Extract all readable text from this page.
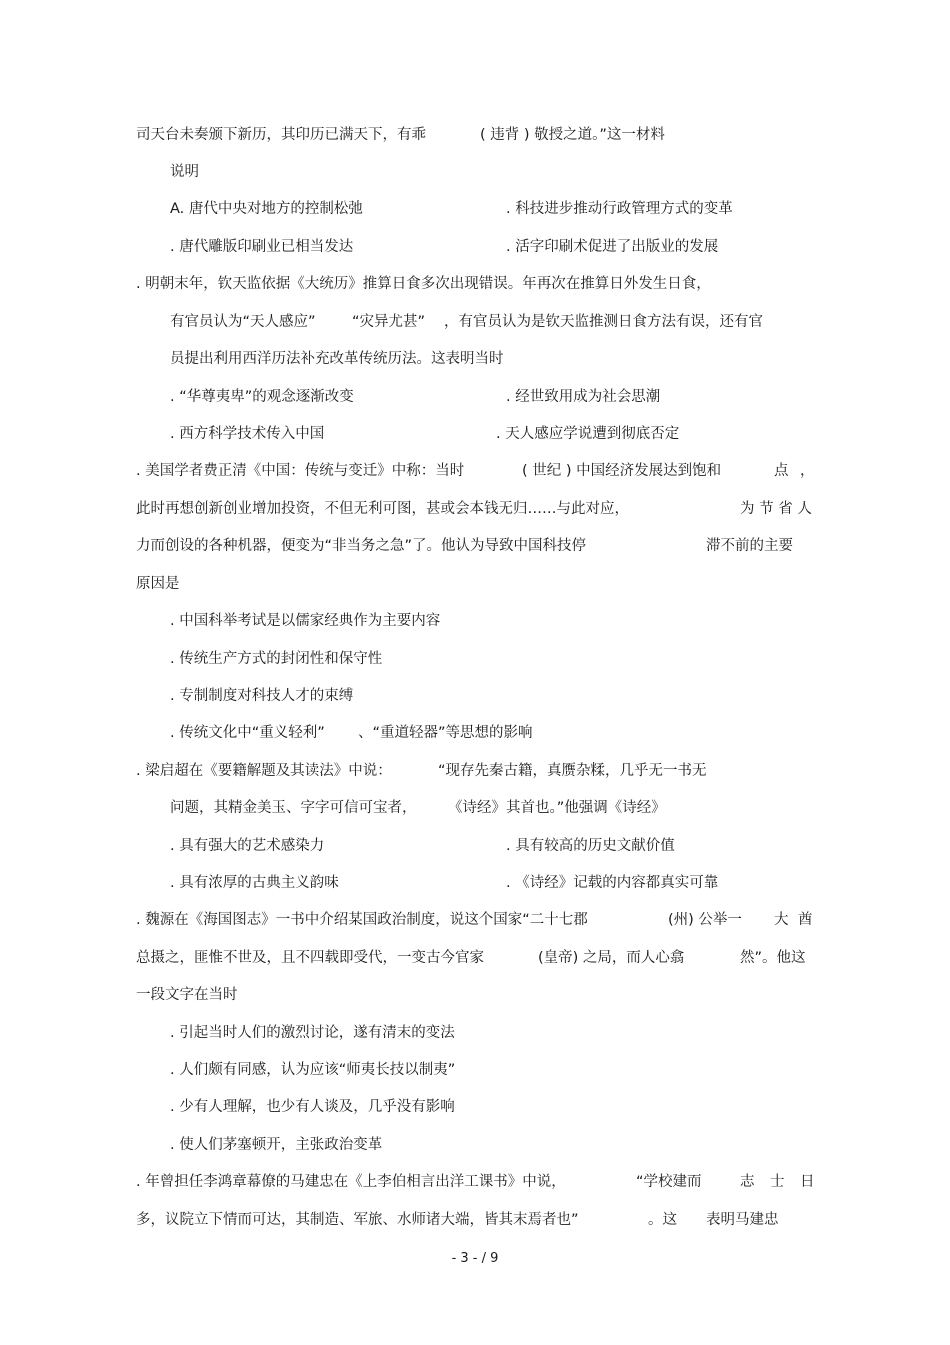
司天台未奏颁下新历，其印历已满天下，有乖	( 违背 ) 敬授之道。”这一材料
说明
A. 唐代中央对地方的控制松弛	. 科技进步推动行政管理方式的变革
. 唐代雕版印刷业已相当发达	. 活字印刷术促进了出版业的发展
. 明朝末年，钦天监依据《大统历》推算日食多次出现错误。年再次在推算日外发生日食，
有官员认为“天人感应”	“灾异尤甚” ，有官员认为是钦天监推测日食方法有误，还有官
员提出利用西洋历法补充改革传统历法。这表明当时
. “华尊夷卑”的观念逐渐改变	. 经世致用成为社会思潮
. 西方科学技术传入中国	. 天人感应学说遭到彻底否定
. 美国学者费正清《中国：传统与变迁》中称：当时	( 世纪 ) 中国经济发展达到饱和	点 ，
此时再想创新创业增加投资，不但无利可图，甚或会本钱无归……与此对应，	为 节 省 人
力而创设的各种机器，便变为“非当务之急”了。他认为导致中国科技停	滞不前的主要
原因是
. 中国科举考试是以儒家经典作为主要内容
. 传统生产方式的封闭性和保守性
. 专制制度对科技人才的束缚
. 传统文化中“重义轻利” 、“重道轻器”等思想的影响
. 梁启超在《要籍解题及其读法》中说：	“现存先秦古籍，真赝杂糅，几乎无一书无
问题，其精金美玉、字字可信可宝者， 《诗经》其首也。”他强调《诗经》
. 具有强大的艺术感染力	. 具有较高的历史文献价值
. 具有浓厚的古典主义韵味	. 《诗经》记载的内容都真实可靠
. 魏源在《海国图志》一书中介绍某国政治制度，说这个国家“二十七郡	(州) 公举一 大 酋
总摄之，匪惟不世及，且不四载即受代，一变古今官家	(皇帝) 之局，而人心翕	然”。他这
一段文字在当时
. 引起当时人们的激烈讨论，遂有清末的变法
. 人们颇有同感，认为应该“师夷长技以制夷”
. 少有人理解，也少有人谈及，几乎没有影响
. 使人们茅塞顿开，主张政治变革
. 年曾担任李鸿章幕僚的马建忠在《上李伯相言出洋工课书》中说，	“学校建而	志 士 日
多，议院立下情而可达，其制造、军旅、水师诸大端，皆其末焉者也”	。这 表明马建忠
- 3 - / 9
